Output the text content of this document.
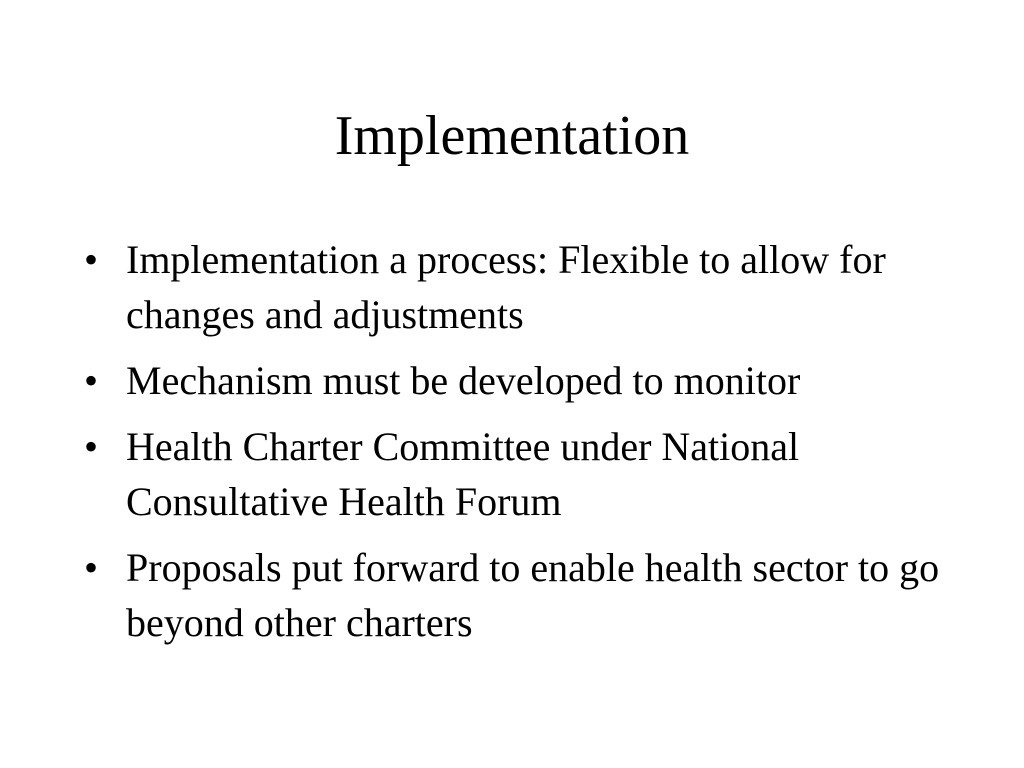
Implementation
• Implementation a process: Flexible to allow for changes and adjustments
• Mechanism must be developed to monitor
• Health Charter Committee under National Consultative Health Forum
• Proposals put forward to enable health sector to go beyond other charters
